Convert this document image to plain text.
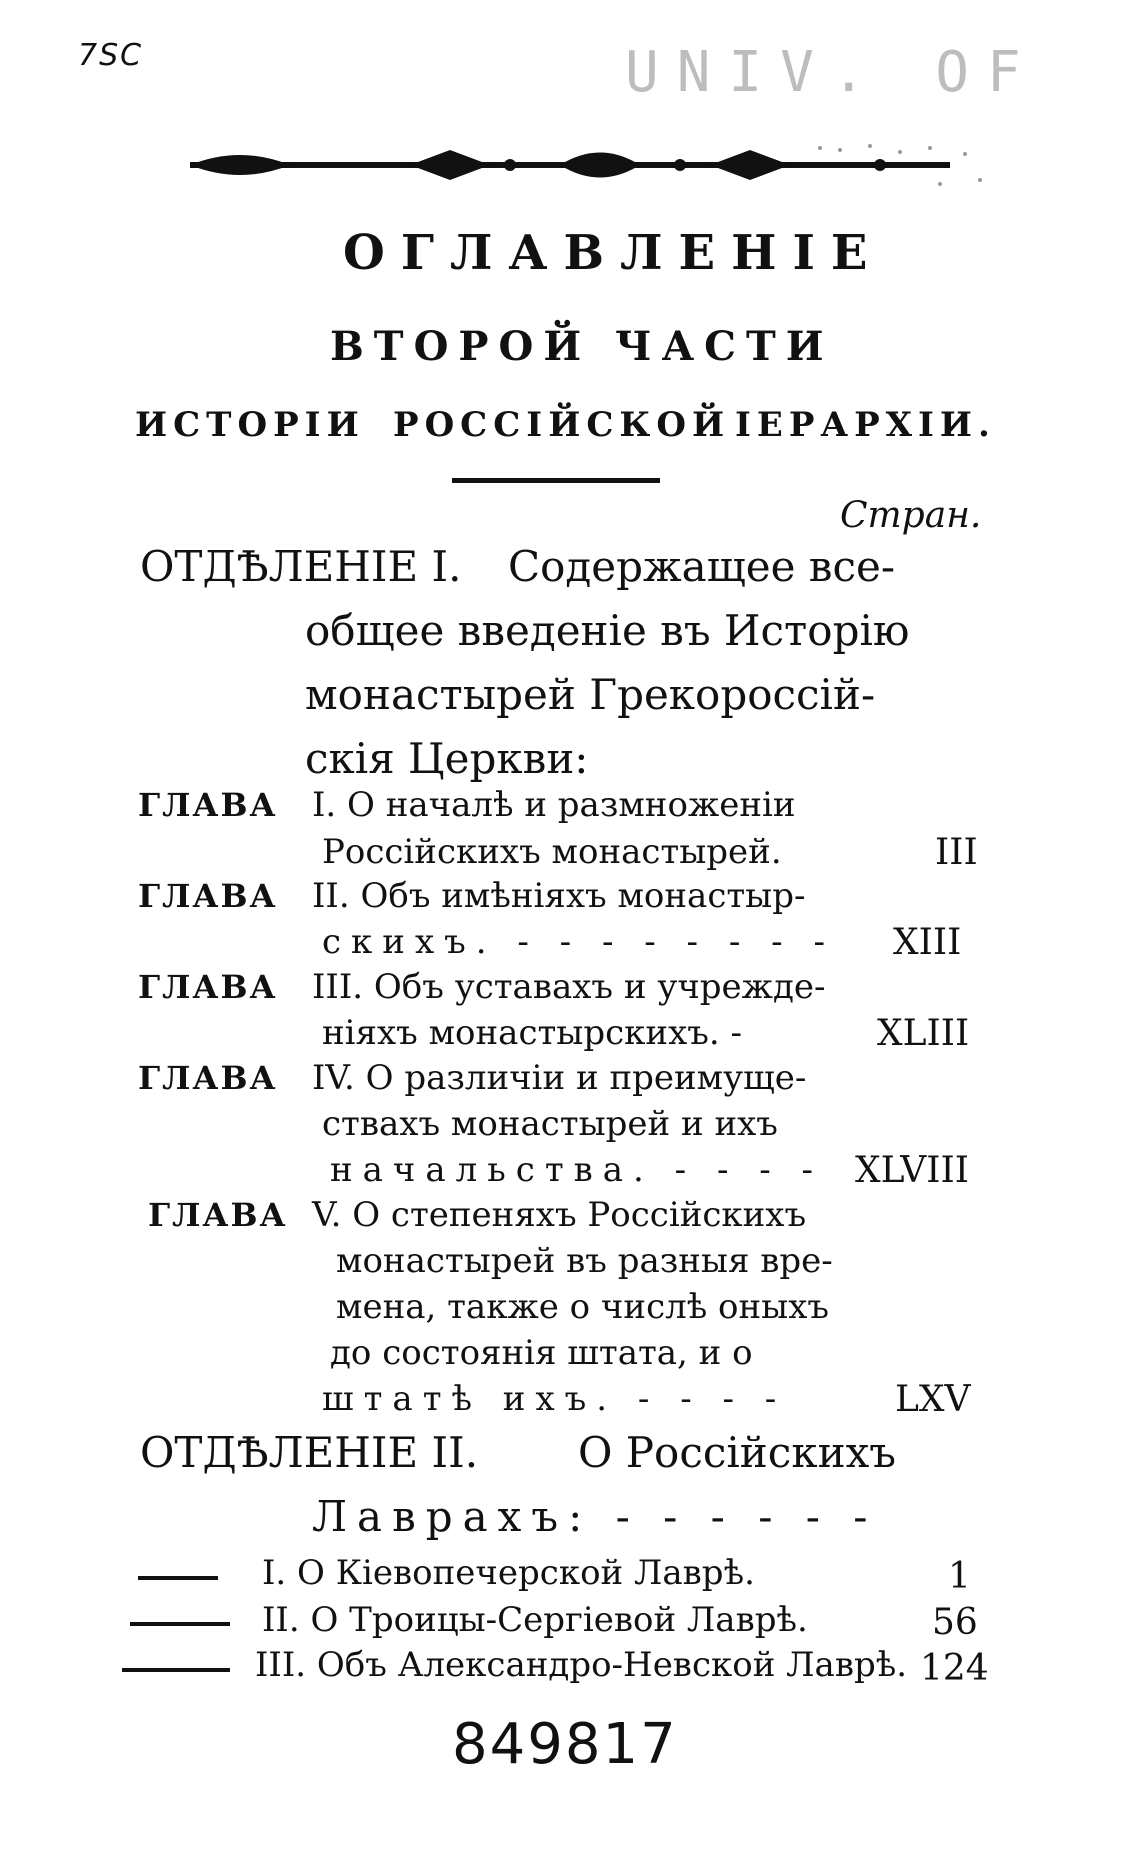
7SC	UNIV. OF
ОГЛАВЛЕНІЕ
ВТОРОЙ ЧАСТИ
ИСТОРІИ РОССІЙСКОЙ ІЕРАРХІИ.
Стран.
ОТДѢЛЕНІЕ I. Содержащее все-
общее введеніе въ Исторію
монастырей Грекороссій-
скія Церкви:
ГЛАВА I. О началѣ и размноженіи
Россійскихъ монастырей.	III
ГЛАВА II. Объ имѣніяхъ монастыр-
скихъ. - - - - - - - - XIII
ГЛАВА III. Объ уставахъ и учрежде-
ніяхъ монастырскихъ. -	XLIII
ГЛАВА IV. О различіи и преимуще-
ствахъ монастырей и ихъ
начальства. - - - - XLVIII
ГЛАВА V. О степеняхъ Россійскихъ
монастырей въ разныя вре-
мена, также о числѣ оныхъ
до состоянія штата, и о
штатѣ ихъ. - - - -	LXV
ОТДѢЛЕНІЕ II. О Россійскихъ
Лаврахъ: - - - - - -
I. О Кіевопечерской Лаврѣ.	1
II. О Троицы-Сергіевой Лаврѣ.	56
III. Объ Александро-Невской Лаврѣ. 124
849817
